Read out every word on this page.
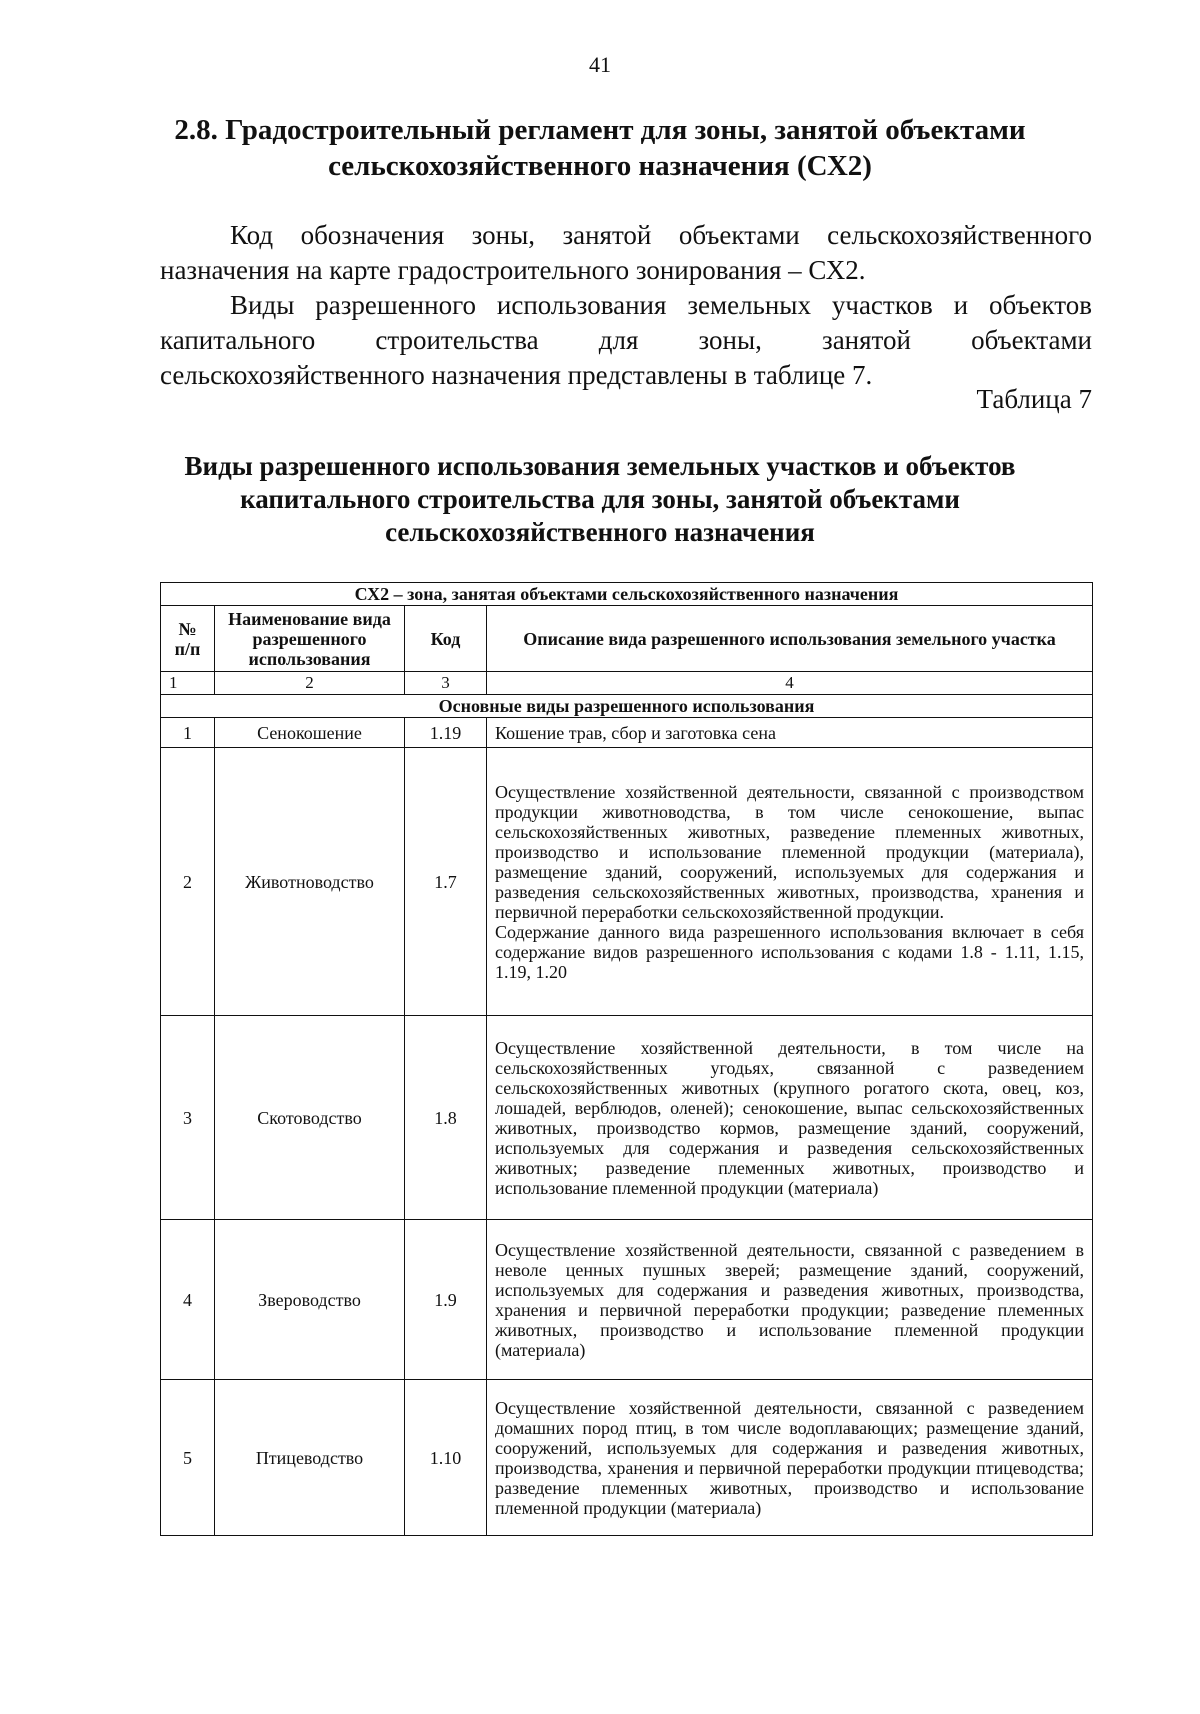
41
2.8. Градостроительный регламент для зоны, занятой объектами
сельскохозяйственного назначения (СХ2)

Код обозначения зоны, занятой объектами сельскохозяйственного назначения на карте градостроительного зонирования – СХ2.

Виды разрешенного использования земельных участков и объектов капитального строительства для зоны, занятой объектами сельскохозяйственного назначения представлены в таблице 7.

Таблица 7
Виды разрешенного использования земельных участков и объектов
капитального строительства для зоны, занятой объектами
сельскохозяйственного назначения
СХ2 – зона, занятая объектами сельскохозяйственного назначения			
№ п/п	Наименование вида разрешенного использования	Код	Описание вида разрешенного использования земельного участка
1	2	3	4
Основные виды разрешенного использования			
1	Сенокошение	1.19	Кошение трав, сбор и заготовка сена
2	Животноводство	1.7	Осуществление хозяйственной деятельности, связанной с производством продукции животноводства, в том числе сенокошение, выпас сельскохозяйственных животных, разведение племенных животных, производство и использование племенной продукции (материала), размещение зданий, сооружений, используемых для содержания и разведения сельскохозяйственных животных, производства, хранения и первичной переработки сельскохозяйственной продукции.
Содержание данного вида разрешенного использования включает в себя содержание видов разрешенного использования с кодами 1.8 - 1.11, 1.15, 1.19, 1.20

3	Скотоводство	1.8	Осуществление хозяйственной деятельности, в том числе на сельскохозяйственных угодьях, связанной с разведением сельскохозяйственных животных (крупного рогатого скота, овец, коз, лошадей, верблюдов, оленей); сенокошение, выпас сельскохозяйственных животных, производство кормов, размещение зданий, сооружений, используемых для содержания и разведения сельскохозяйственных животных; разведение племенных животных, производство и использование племенной продукции (материала)
4	Звероводство	1.9	Осуществление хозяйственной деятельности, связанной с разведением в неволе ценных пушных зверей; размещение зданий, сооружений, используемых для содержания и разведения животных, производства, хранения и первичной переработки продукции; разведение племенных животных, производство и использование племенной продукции (материала)
5	Птицеводство	1.10	Осуществление хозяйственной деятельности, связанной с разведением домашних пород птиц, в том числе водоплавающих; размещение зданий, сооружений, используемых для содержания и разведения животных, производства, хранения и первичной переработки продукции птицеводства; разведение племенных животных, производство и использование племенной продукции (материала)
